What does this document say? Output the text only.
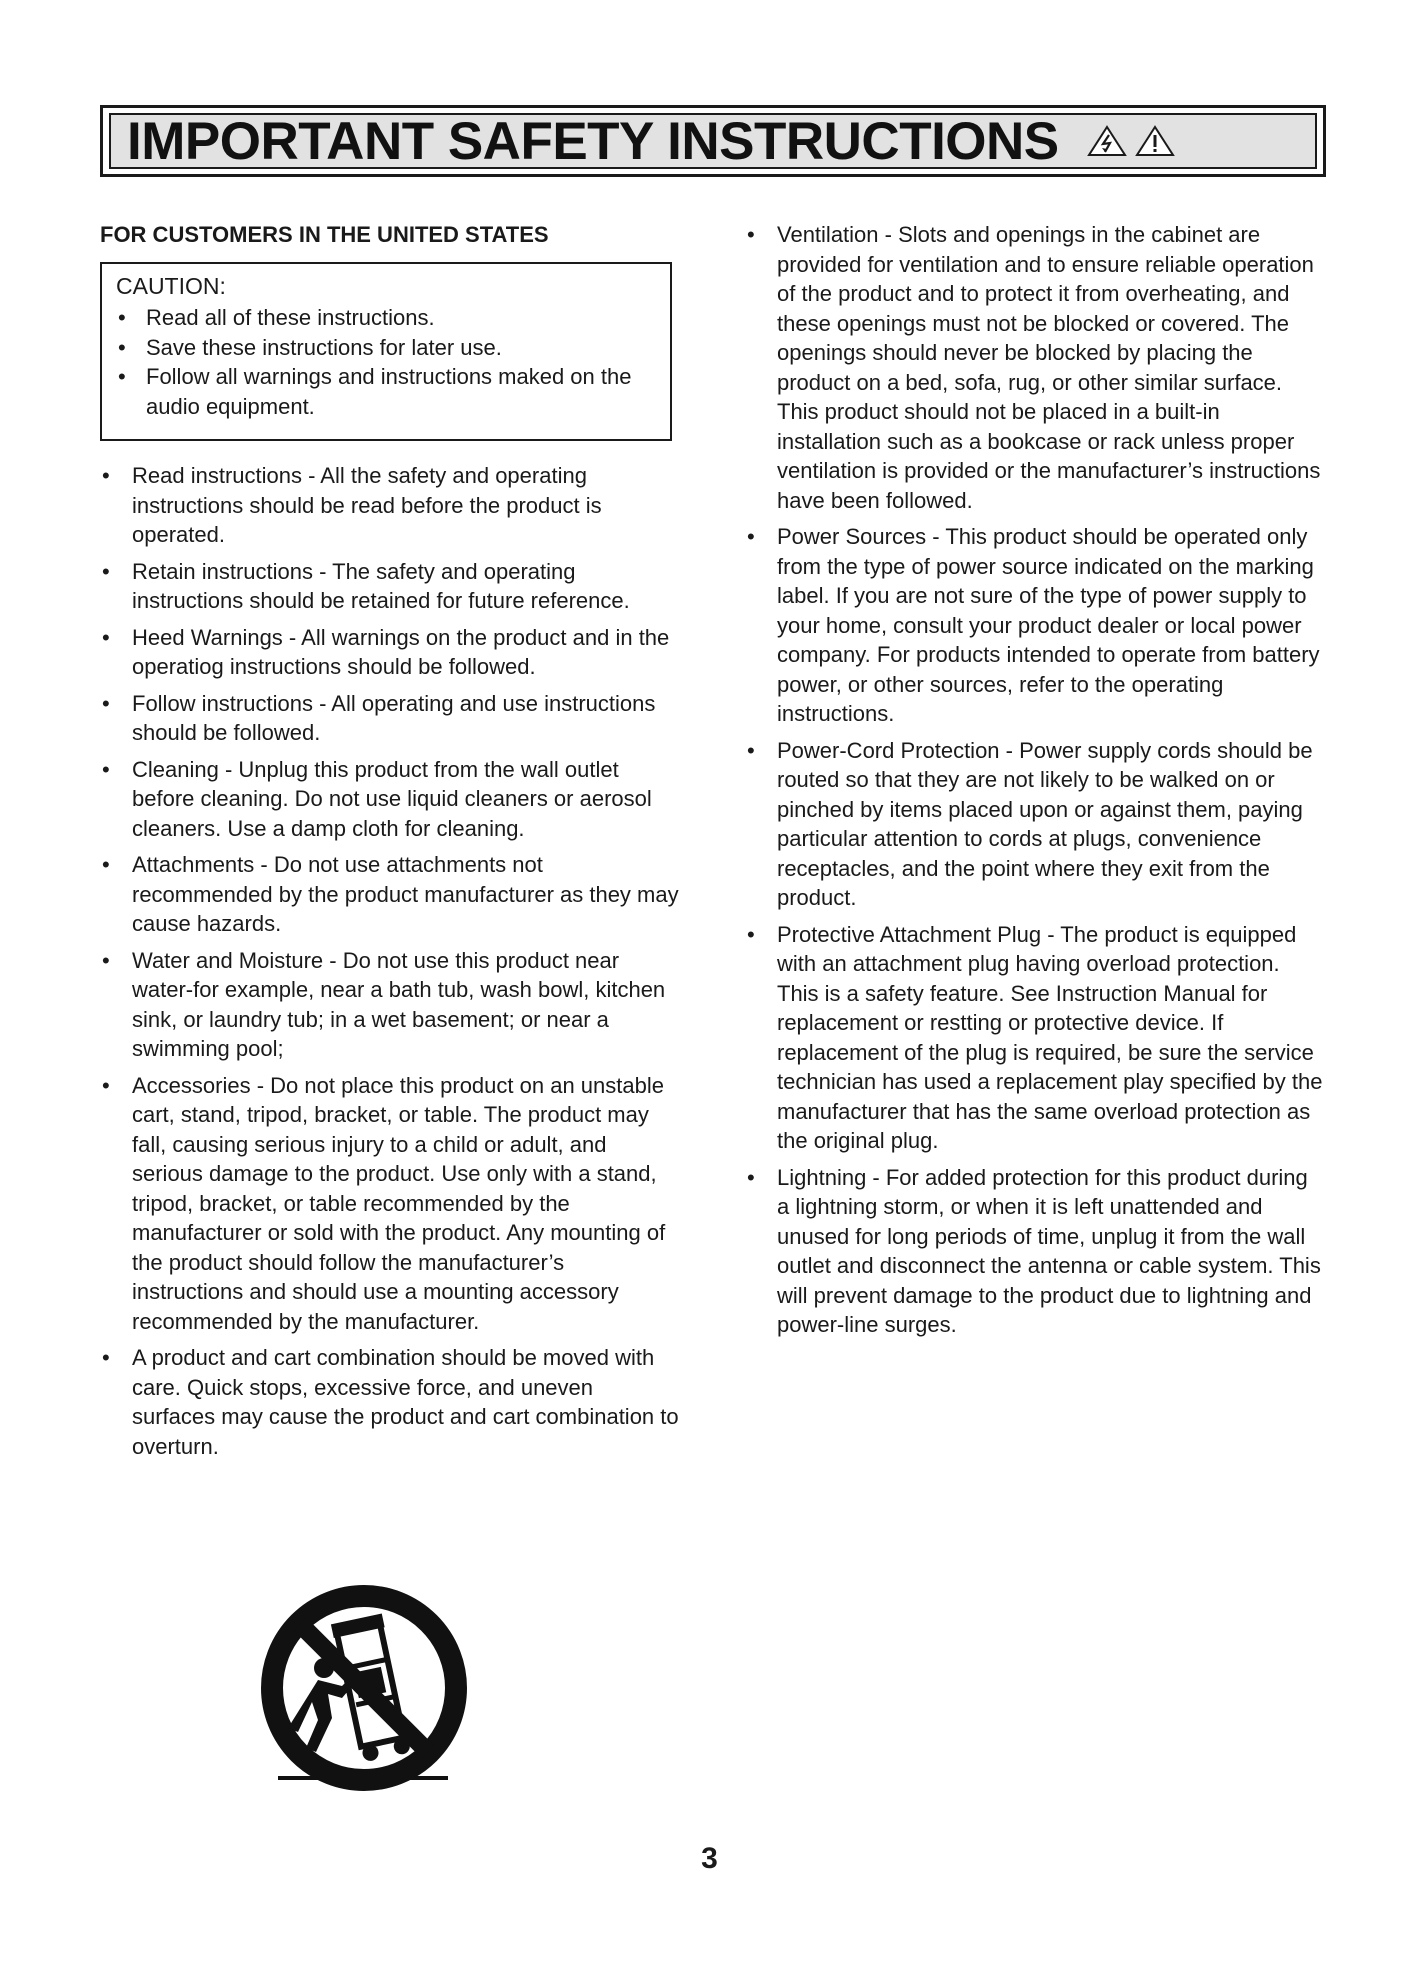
IMPORTANT SAFETY INSTRUCTIONS
FOR CUSTOMERS IN THE UNITED STATES
CAUTION:
• Read all of these instructions.
• Save these instructions for later use.
• Follow all warnings and instructions maked on the audio equipment.
• Read instructions - All the safety and operating instructions should be read before the product is operated.
• Retain instructions - The safety and operating instructions should be retained for future reference.
• Heed Warnings - All warnings on the product and in the operatiog instructions should be followed.
• Follow instructions - All operating and use instructions should be followed.
• Cleaning - Unplug this product from the wall outlet before cleaning. Do not use liquid cleaners or aerosol cleaners. Use a damp cloth for cleaning.
• Attachments - Do not use attachments not recommended by the product manufacturer as they may cause hazards.
• Water and Moisture - Do not use this product near water-for example, near a bath tub, wash bowl, kitchen sink, or laundry tub; in a wet basement; or near a swimming pool;
• Accessories - Do not place this product on an unstable cart, stand, tripod, bracket, or table. The product may fall, causing serious injury to a child or adult, and serious damage to the product. Use only with a stand, tripod, bracket, or table recommended by the manufacturer or sold with the product. Any mounting of the product should follow the manufacturer’s instructions and should use a mounting accessory recommended by the manufacturer.
• A product and cart combination should be moved with care. Quick stops, excessive force, and uneven surfaces may cause the product and cart combination to overturn.
• Ventilation - Slots and openings in the cabinet are provided for ventilation and to ensure reliable operation of the product and to protect it from overheating, and these openings must not be blocked or covered. The openings should never be blocked by placing the product on a bed, sofa, rug, or other similar surface.
This product should not be placed in a built-in installation such as a bookcase or rack unless proper ventilation is provided or the manufacturer’s instructions have been followed.
• Power Sources - This product should be operated only from the type of power source indicated on the marking label. If you are not sure of the type of power supply to your home, consult your product dealer or local power company. For products intended to operate from battery power, or other sources, refer to the operating instructions.
• Power-Cord Protection - Power supply cords should be routed so that they are not likely to be walked on or pinched by items placed upon or against them, paying particular attention to cords at plugs, convenience receptacles, and the point where they exit from the product.
• Protective Attachment Plug - The product is equipped with an attachment plug having overload protection. This is a safety feature. See Instruction Manual for replacement or restting or protective device. If replacement of the plug is required, be sure the service technician has used a replacement play specified by the manufacturer that has the same overload protection as the original plug.
• Lightning - For added protection for this product during a lightning storm, or when it is left unattended and unused for long periods of time, unplug it from the wall outlet and disconnect the antenna or cable system. This will prevent damage to the product due to lightning and power-line surges.
3
